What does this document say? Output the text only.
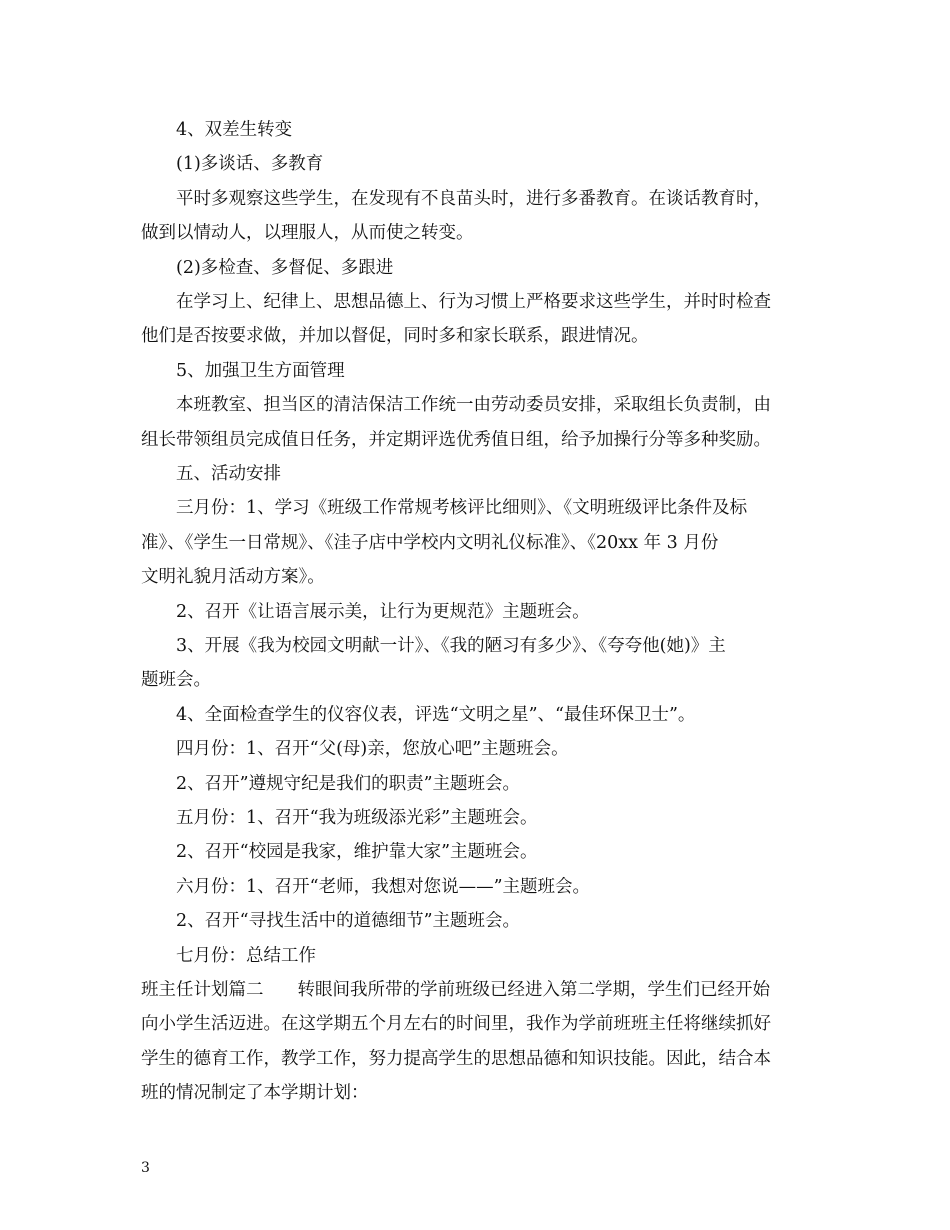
4、双差生转变
(1)多谈话、多教育
平时多观察这些学生，在发现有不良苗头时，进行多番教育。在谈话教育时，
做到以情动人，以理服人，从而使之转变。
(2)多检查、多督促、多跟进
在学习上、纪律上、思想品德上、行为习惯上严格要求这些学生，并时时检查
他们是否按要求做，并加以督促，同时多和家长联系，跟进情况。
5、加强卫生方面管理
本班教室、担当区的清洁保洁工作统一由劳动委员安排，采取组长负责制，由
组长带领组员完成值日任务，并定期评选优秀值日组，给予加操行分等多种奖励。
五、活动安排
三月份：1、学习《班级工作常规考核评比细则》、《文明班级评比条件及标
准》、《学生一日常规》、《洼子店中学校内文明礼仪标准》、《20xx 年 3 月份
文明礼貌月活动方案》。
2、召开《让语言展示美，让行为更规范》主题班会。
3、开展《我为校园文明献一计》、《我的陋习有多少》、《夸夸他(她)》主
题班会。
4、全面检查学生的仪容仪表，评选“文明之星”、“最佳环保卫士”。
四月份：1、召开“父(母)亲，您放心吧”主题班会。
2、召开”遵规守纪是我们的职责”主题班会。
五月份：1、召开“我为班级添光彩”主题班会。
2、召开“校园是我家，维护靠大家”主题班会。
六月份：1、召开“老师，我想对您说——”主题班会。
2、召开“寻找生活中的道德细节”主题班会。
七月份：总结工作
班主任计划篇二 转眼间我所带的学前班级已经进入第二学期，学生们已经开始
向小学生活迈进。在这学期五个月左右的时间里，我作为学前班班主任将继续抓好
学生的德育工作，教学工作，努力提高学生的思想品德和知识技能。因此，结合本
班的情况制定了本学期计划：
3
